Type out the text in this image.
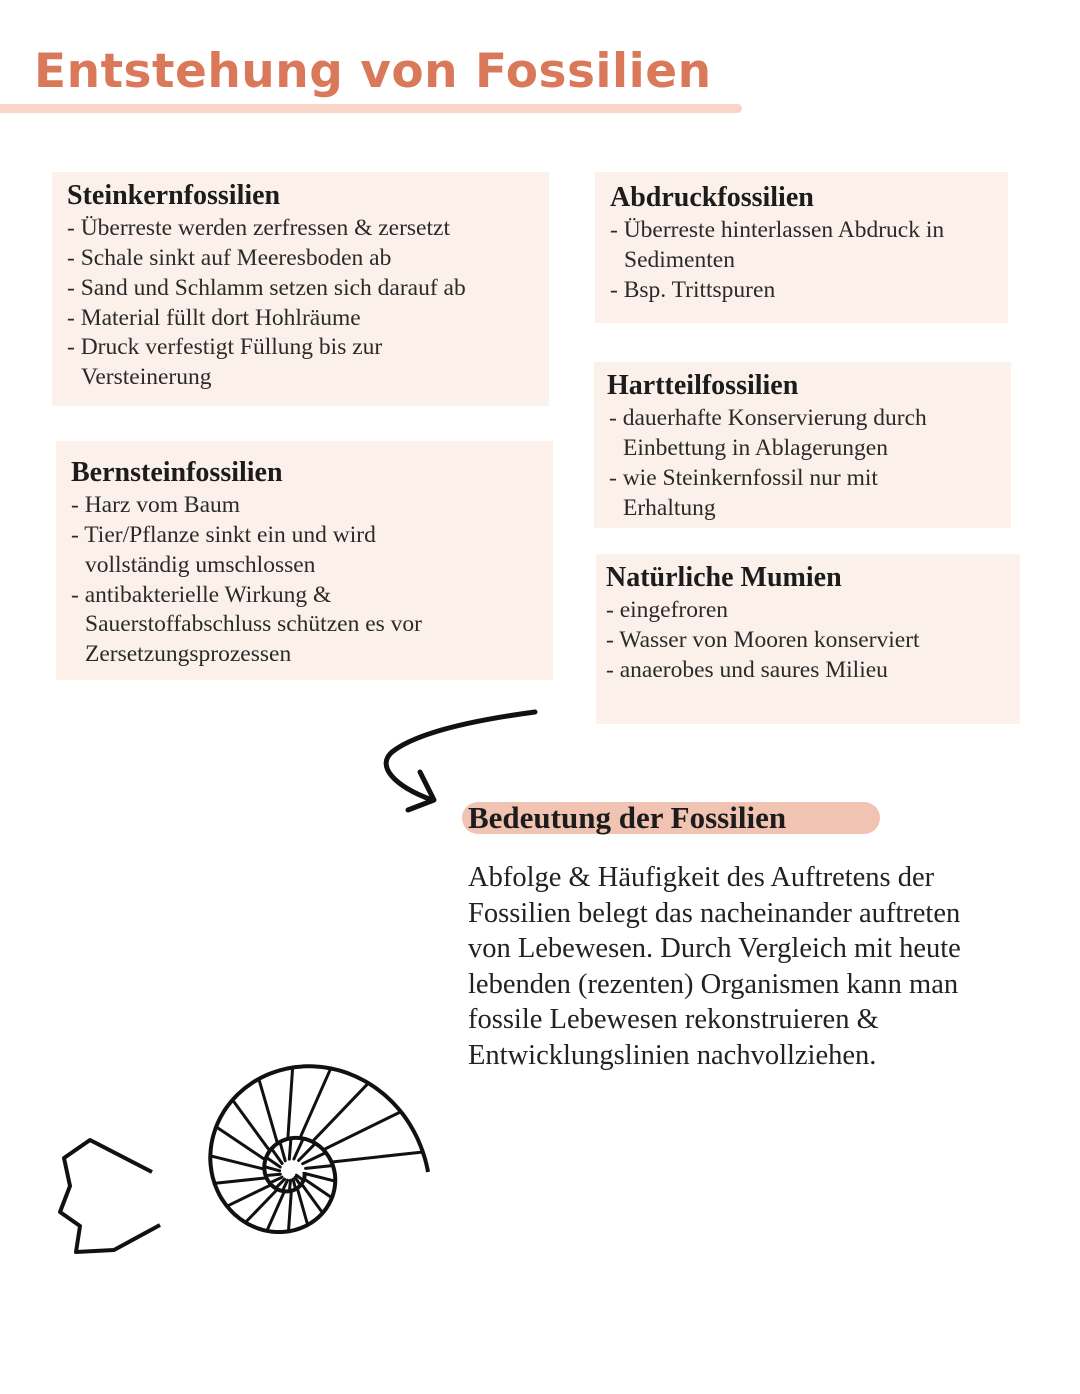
Entstehung von Fossilien
Steinkernfossilien
- Überreste werden zerfressen & zersetzt
- Schale sinkt auf Meeresboden ab
- Sand und Schlamm setzen sich darauf ab
- Material füllt dort Hohlräume
- Druck verfestigt Füllung bis zur
Versteinerung
Bernsteinfossilien
- Harz vom Baum
- Tier/Pflanze sinkt ein und wird
vollständig umschlossen
- antibakterielle Wirkung &
Sauerstoffabschluss schützen es vor
Zersetzungsprozessen
Abdruckfossilien
- Überreste hinterlassen Abdruck in
Sedimenten
- Bsp. Trittspuren
Hartteilfossilien
- dauerhafte Konservierung durch
Einbettung in Ablagerungen
- wie Steinkernfossil nur mit
Erhaltung
Natürliche Mumien
- eingefroren
- Wasser von Mooren konserviert
- anaerobes und saures Milieu
Bedeutung der Fossilien

Abfolge & Häufigkeit des Auftretens der
Fossilien belegt das nacheinander auftreten
von Lebewesen. Durch Vergleich mit heute
lebenden (rezenten) Organismen kann man
fossile Lebewesen rekonstruieren &
Entwicklungslinien nachvollziehen.
